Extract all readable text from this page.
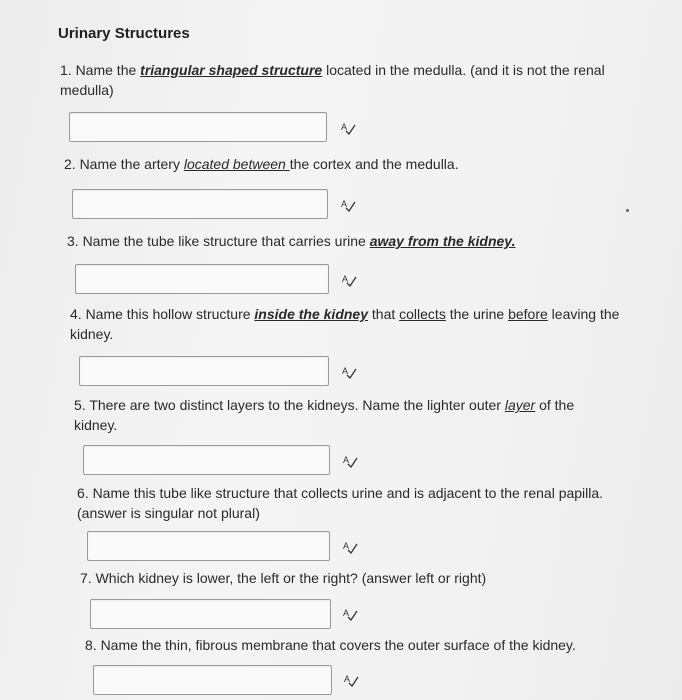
Urinary Structures
1. Name the triangular shaped structure located in the medulla. (and it is not the renal medulla)
A
2. Name the artery located between the cortex and the medulla.
A
3. Name the tube like structure that carries urine away from the kidney.
A
4. Name this hollow structure inside the kidney that collects the urine before leaving the kidney.
A
5. There are two distinct layers to the kidneys. Name the lighter outer layer of the kidney.
A
6. Name this tube like structure that collects urine and is adjacent to the renal papilla. (answer is singular not plural)
A
7. Which kidney is lower, the left or the right? (answer left or right)
A
8. Name the thin, fibrous membrane that covers the outer surface of the kidney.
A
